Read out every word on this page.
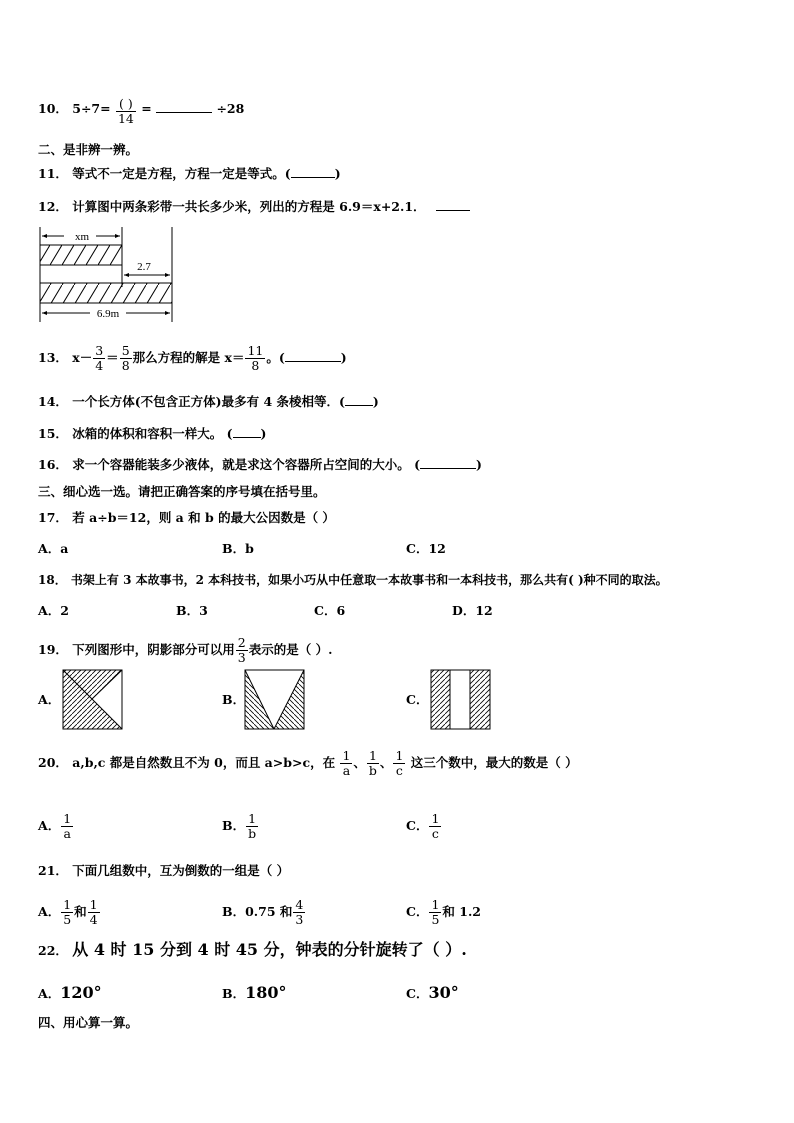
10． $5\div 7= \frac{( )}{14}$ =	÷28
二、是非辨一辨。
11． 等式不一定是方程，方程一定是等式。(	)
12． 计算图中两条彩带一共长多少米，列出的方程是 6.9＝x+2.1．
xm
2.7
6.9m
13． $x- \frac{3}{4} = \frac{5}{8}$ 那么方程的解是 $x= \frac{11}{8}$ 。(	)
14． 一个长方体(不包含正方体)最多有 4 条棱相等．( )
15． 冰箱的体积和容积一样大。 ( )
16． 求一个容器能装多少液体，就是求这个容器所占空间的大小。 (	)
三、细心选一选。请把正确答案的序号填在括号里。
17． 若 a÷b＝12，则 a 和 b 的最大公因数是（ ）
A．a	B．b	C．12
18． 书架上有 3 本故事书，2 本科技书，如果小巧从中任意取一本故事书和一本科技书，那么共有( )种不同的取法。
A．2	B．3	C．6	D．12
19． 下列图形中，阴影部分可以用 $\frac{2}{3}$ 表示的是（ ）.
A．	B．	C．
20． a,b,c 都是自然数且不为 0，而且 a>b>c，在 $\frac{1}{a}$ 、 $\frac{1}{b}$ 、 $\frac{1}{c}$ 这三个数中，最大的数是（ ）
A． $\frac{1}{a}$	B． $\frac{1}{b}$	C． $\frac{1}{c}$
21． 下面几组数中，互为倒数的一组是（ ）
A． $\frac{1}{5}$ 和 $\frac{1}{4}$	B．0.75 和 $\frac{4}{3}$	C． $\frac{1}{5}$ 和 1.2
22． 从 4 时 15 分到 4 时 45 分，钟表的分针旋转了（ ）.
A．120°	B．180°	C．30°
四、用心算一算。
